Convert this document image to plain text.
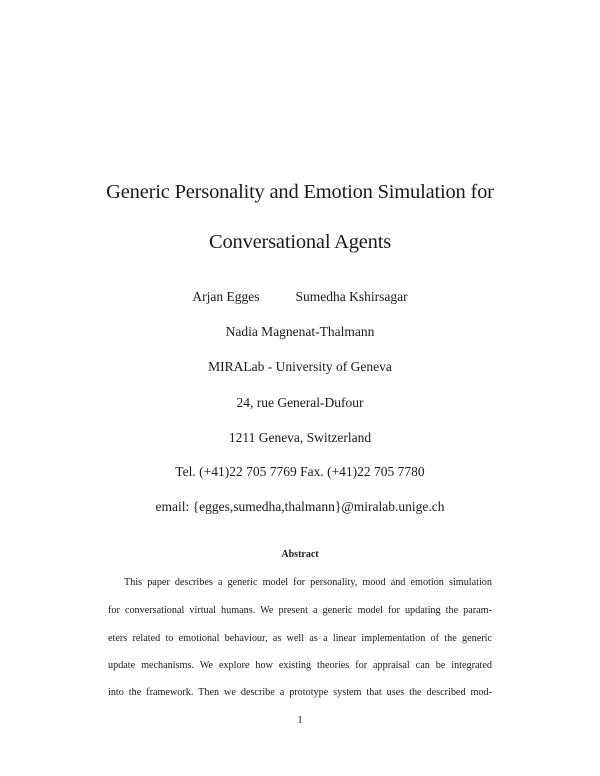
Generic Personality and Emotion Simulation for
Conversational Agents
Arjan Egges	Sumedha Kshirsagar
Nadia Magnenat-Thalmann
MIRALab - University of Geneva
24, rue General-Dufour
1211 Geneva, Switzerland
Tel. (+41)22 705 7769 Fax. (+41)22 705 7780
email: {egges,sumedha,thalmann}@miralab.unige.ch
Abstract
This paper describes a generic model for personality, mood and emotion simulation
for conversational virtual humans. We present a generic model for updating the param-
eters related to emotional behaviour, as well as a linear implementation of the generic
update mechanisms. We explore how existing theories for appraisal can be integrated
into the framework. Then we describe a prototype system that uses the described mod-
1
